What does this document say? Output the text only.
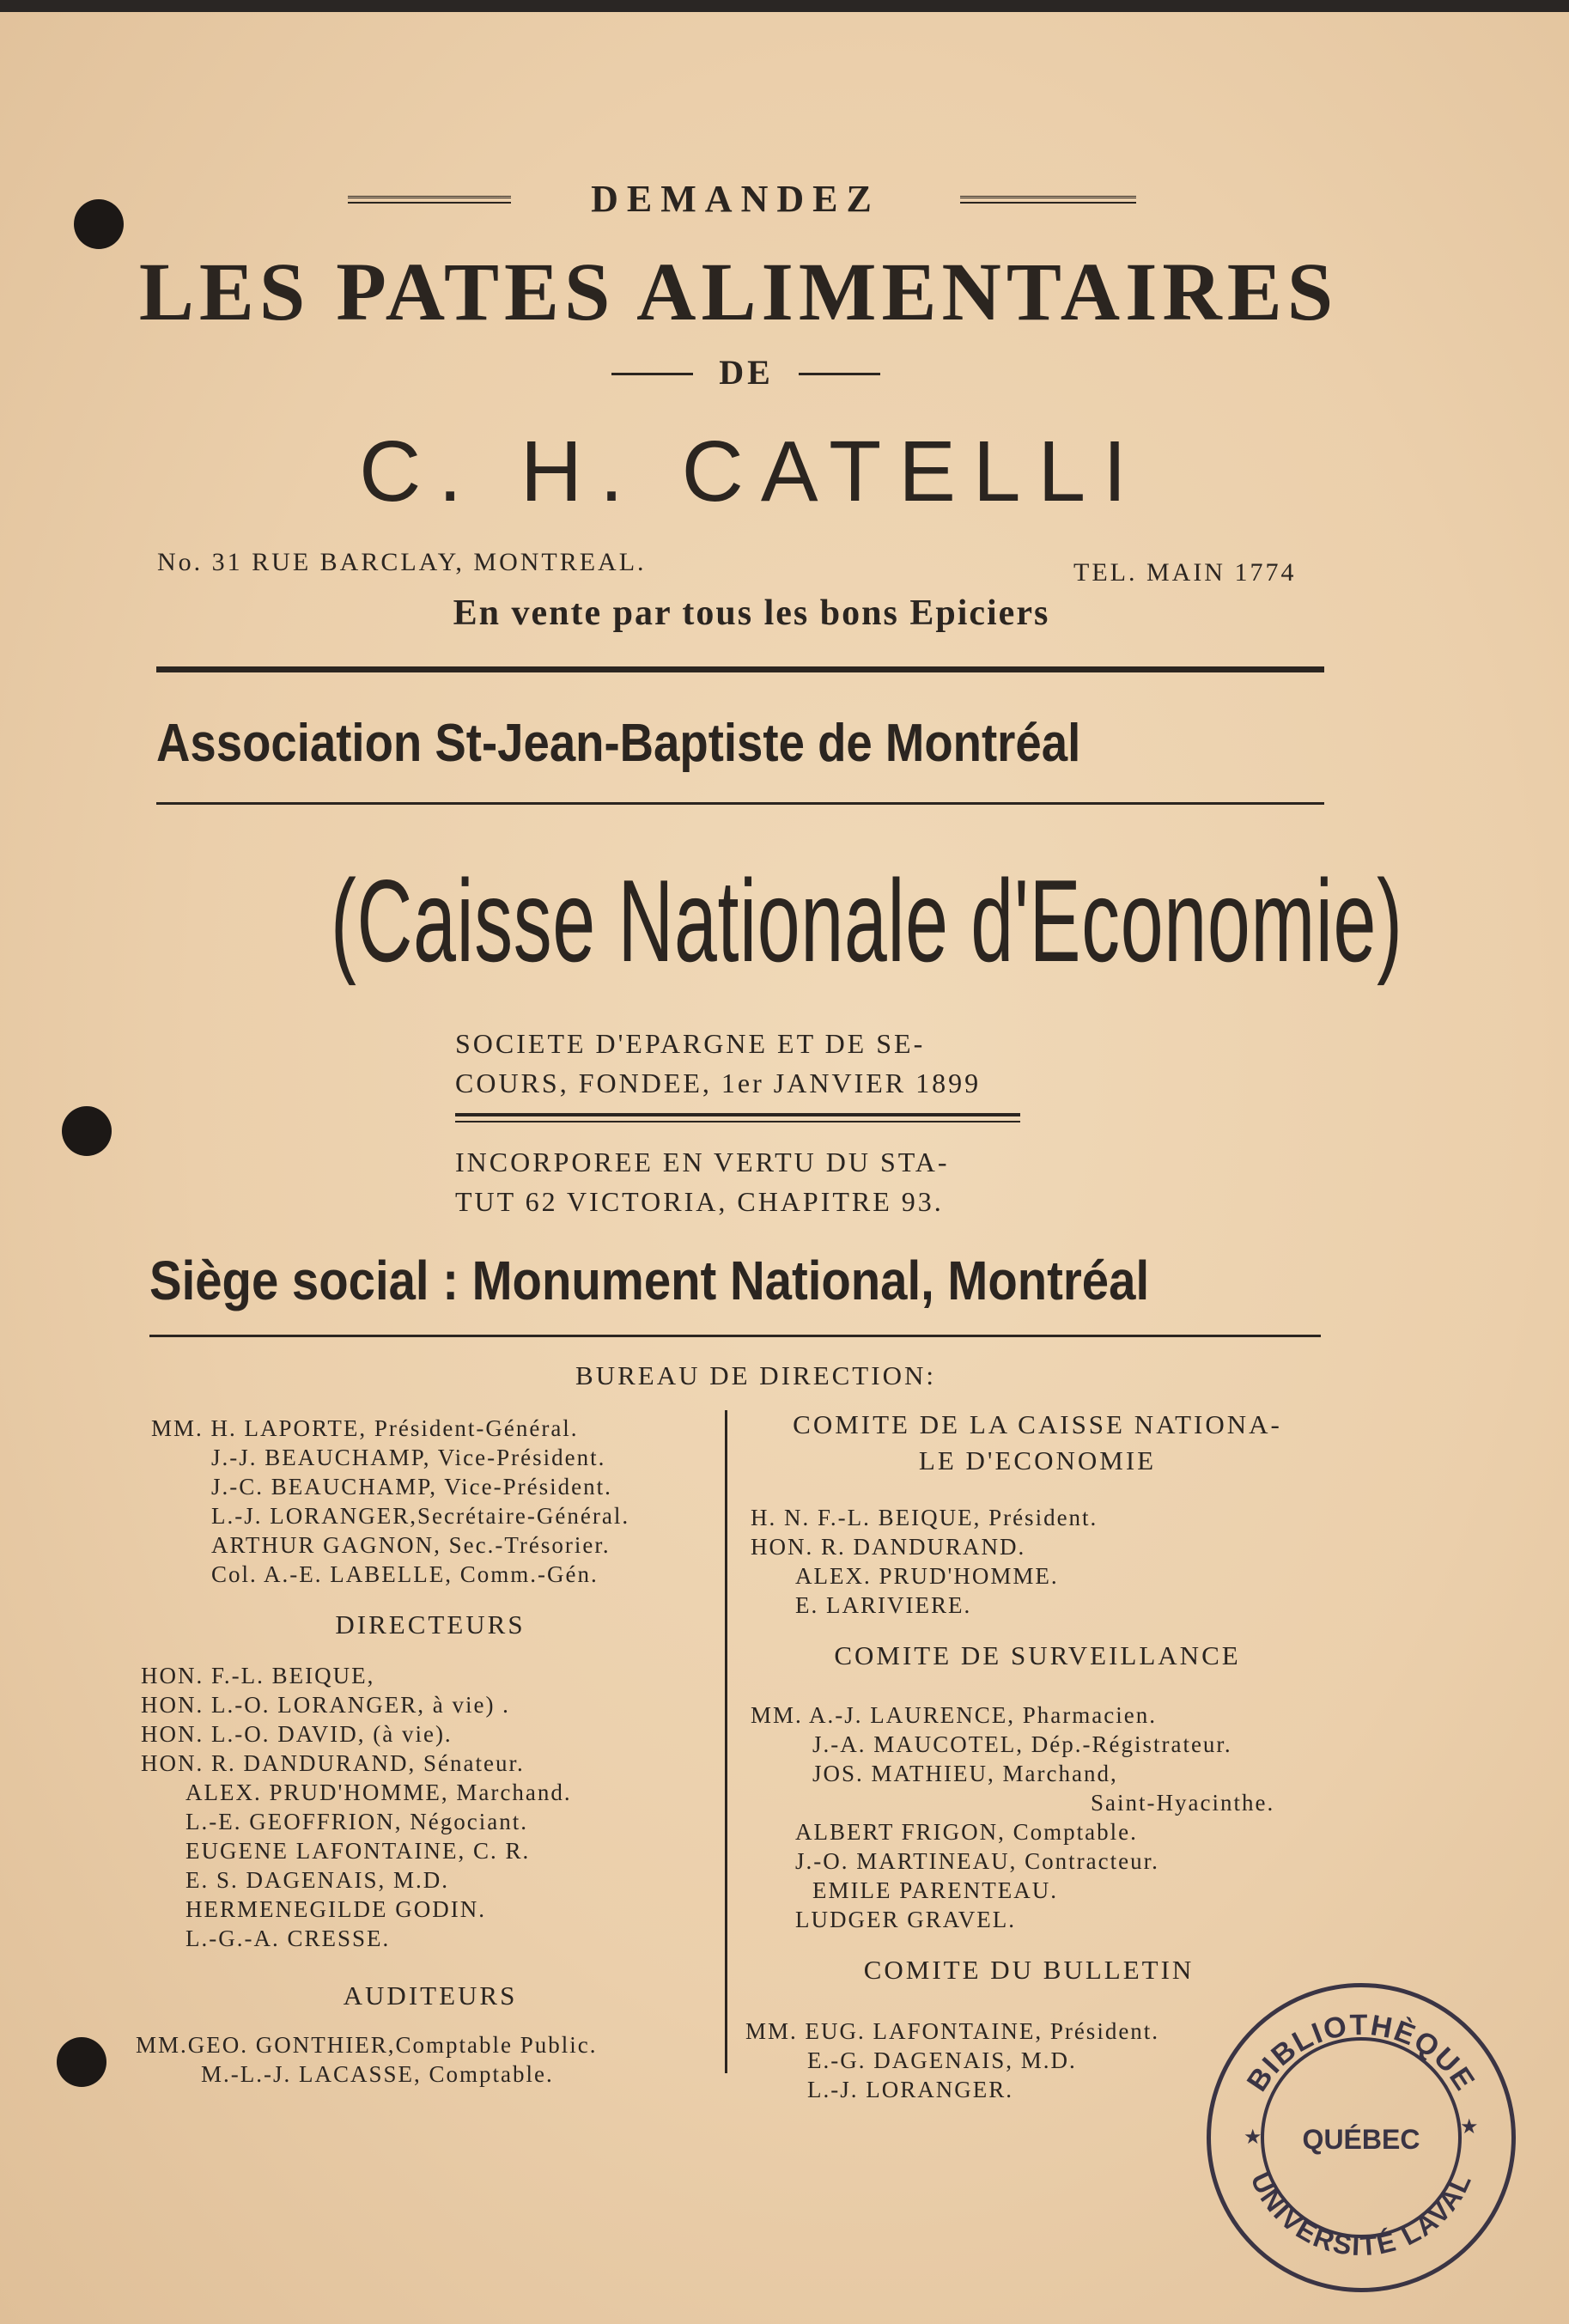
DEMANDEZ
LES PATES ALIMENTAIRES
DE
C. H. CATELLI
No. 31 RUE BARCLAY, MONTREAL.	TEL. MAIN 1774
En vente par tous les bons Epiciers
Association St-Jean-Baptiste de Montréal
(Caisse Nationale d'Economie)
SOCIETE D'EPARGNE ET DE SE-
COURS, FONDEE, 1er JANVIER 1899
INCORPOREE EN VERTU DU STA-
TUT 62 VICTORIA, CHAPITRE 93.
Siège social : Monument National, Montréal
BUREAU DE DIRECTION:
MM. H. LAPORTE, Président-Général.
J.-J. BEAUCHAMP, Vice-Président.
J.-C. BEAUCHAMP, Vice-Président.
L.-J. LORANGER,Secrétaire-Général.
ARTHUR GAGNON, Sec.-Trésorier.
Col. A.-E. LABELLE, Comm.-Gén.
DIRECTEURS
HON. F.-L. BEIQUE,
HON. L.-O. LORANGER, à vie) .
HON. L.-O. DAVID, (à vie).
HON. R. DANDURAND, Sénateur.
ALEX. PRUD'HOMME, Marchand.
L.-E. GEOFFRION, Négociant.
EUGENE LAFONTAINE, C. R.
E. S. DAGENAIS, M.D.
HERMENEGILDE GODIN.
L.-G.-A. CRESSE.
AUDITEURS
MM.GEO. GONTHIER,Comptable Public.
M.-L.-J. LACASSE, Comptable.
COMITE DE LA CAISSE NATIONA-
LE D'ECONOMIE
H. N. F.-L. BEIQUE, Président.
HON. R. DANDURAND.
ALEX. PRUD'HOMME.
E. LARIVIERE.
COMITE DE SURVEILLANCE
MM. A.-J. LAURENCE, Pharmacien.
J.-A. MAUCOTEL, Dép.-Régistrateur.
JOS. MATHIEU, Marchand,
Saint-Hyacinthe.
ALBERT FRIGON, Comptable.
J.-O. MARTINEAU, Contracteur.
EMILE PARENTEAU.
LUDGER GRAVEL.
COMITE DU BULLETIN
MM. EUG. LAFONTAINE, Président.
E.-G. DAGENAIS, M.D.
L.-J. LORANGER.	BIBLIOTHÈQUE
UNIVERSITÉ LAVAL
QUÉBEC
★	★
